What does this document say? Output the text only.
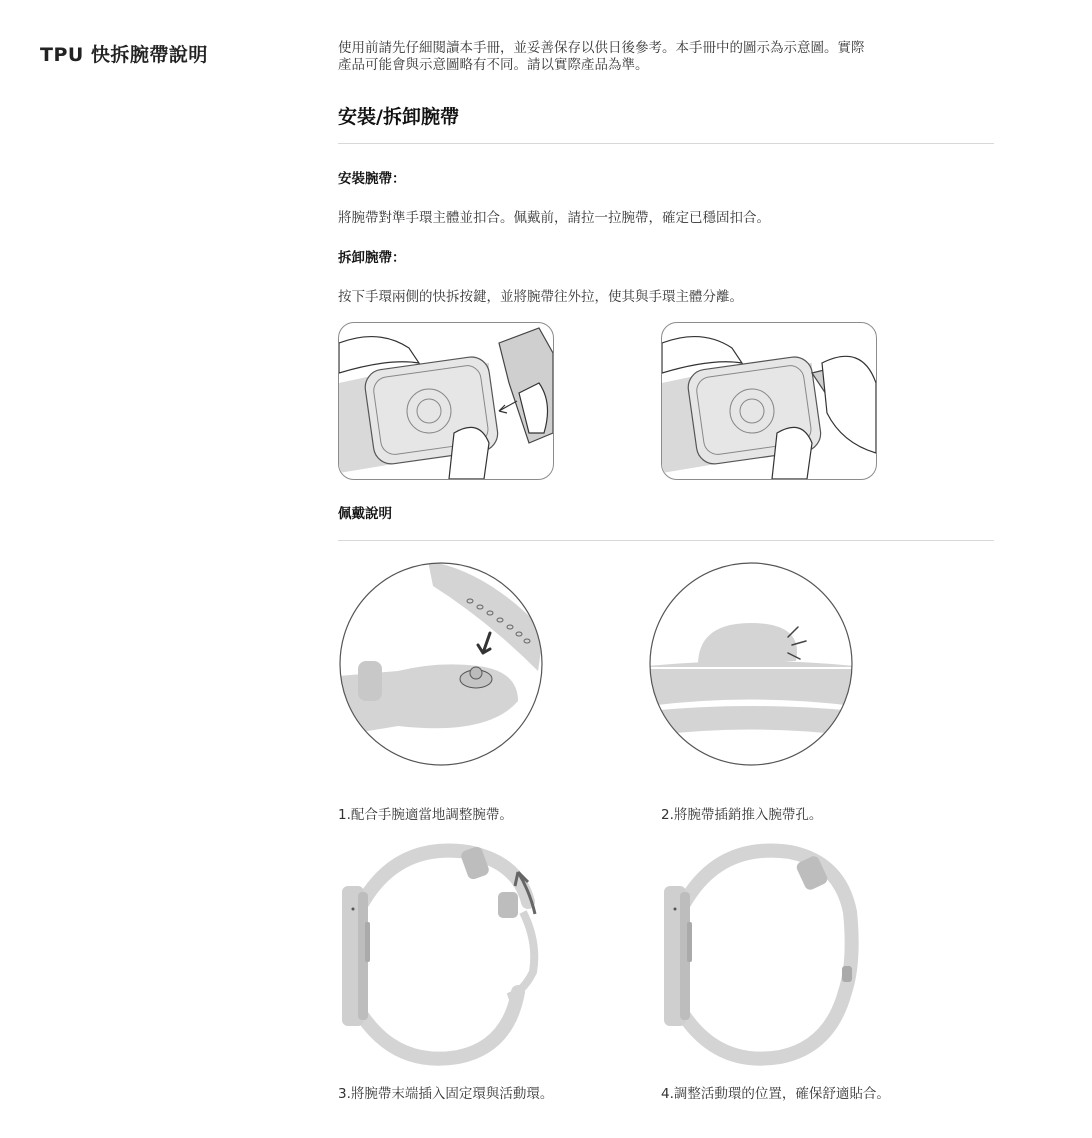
TPU 快拆腕帶說明	使用前請先仔細閱讀本手冊，並妥善保存以供日後參考。本手冊中的圖示為示意圖。實際

產品可能會與示意圖略有不同。請以實際產品為準。

安裝/拆卸腕帶
安裝腕帶：
將腕帶對準手環主體並扣合。佩戴前，請拉一拉腕帶，確定已穩固扣合。
拆卸腕帶：
按下手環兩側的快拆按鍵，並將腕帶往外拉，使其與手環主體分離。
佩戴說明
1.配合手腕適當地調整腕帶。	2.將腕帶插銷推入腕帶孔。
3.將腕帶末端插入固定環與活動環。	4.調整活動環的位置，確保舒適貼合。
